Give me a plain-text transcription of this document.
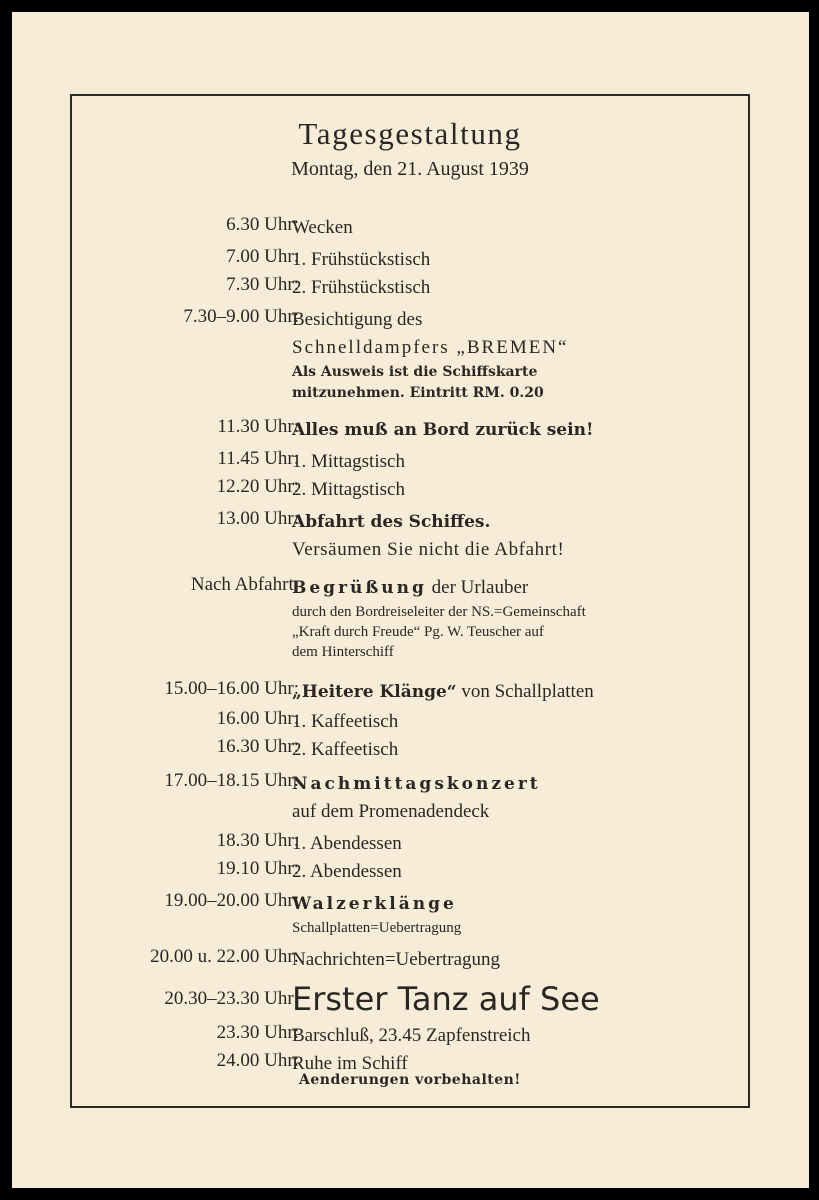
Tagesgestaltung
Montag, den 21. August 1939
6.30 Uhr:
Wecken
7.00 Uhr:
1. Frühstückstisch
7.30 Uhr:
2. Frühstückstisch
7.30–9.00 Uhr:
Besichtigung des
Schnelldampfers „BREMEN“
Als Ausweis ist die Schiffskarte
mitzunehmen. Eintritt RM. 0.20
11.30 Uhr:
Alles muß an Bord zurück sein!
11.45 Uhr:
1. Mittagstisch
12.20 Uhr:
2. Mittagstisch
13.00 Uhr:
Abfahrt des Schiffes.
Versäumen Sie nicht die Abfahrt!
Nach Abfahrt:
Begrüßung der Urlauber
durch den Bordreiseleiter der NS.=Gemeinschaft
„Kraft durch Freude“ Pg. W. Teuscher auf
dem Hinterschiff
15.00–16.00 Uhr:
„Heitere Klänge“ von Schallplatten
16.00 Uhr:
1. Kaffeetisch
16.30 Uhr:
2. Kaffeetisch
17.00–18.15 Uhr:
Nachmittagskonzert
auf dem Promenadendeck
18.30 Uhr:
1. Abendessen
19.10 Uhr:
2. Abendessen
19.00–20.00 Uhr:
Walzerklänge
Schallplatten=Uebertragung
20.00 u. 22.00 Uhr:
Nachrichten=Uebertragung
20.30–23.30 Uhr:
Erster Tanz auf See
23.30 Uhr:
Barschluß, 23.45 Zapfenstreich
24.00 Uhr:
Ruhe im Schiff
Aenderungen vorbehalten!
